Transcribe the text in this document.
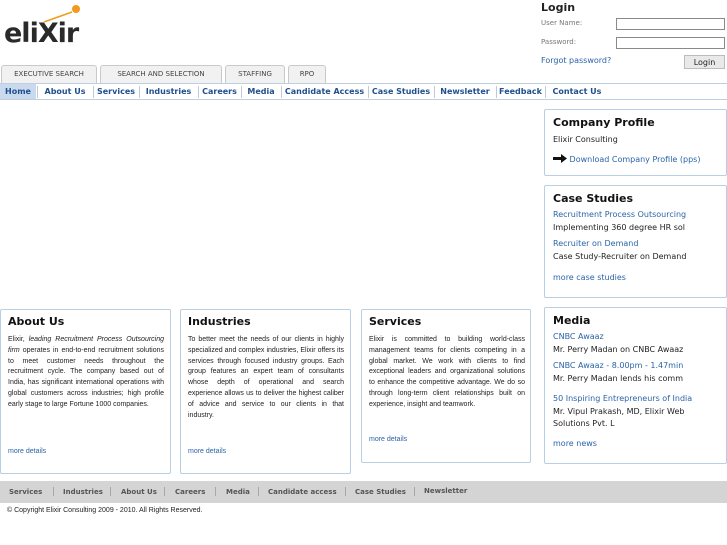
eliXir
Login
User Name:
Password:
Forgot password?	Login
EXECUTIVE SEARCH	SEARCH AND SELECTION	STAFFING	RPO
Home	About Us	Services	Industries	Careers	Media	Candidate Access Case Studies	Newsletter	Feedback	Contact Us
Company Profile
Elixir Consulting
Download Company Profile (pps)
Case Studies
Recruitment Process Outsourcing
Implementing 360 degree HR sol
Recruiter on Demand
Case Study-Recruiter on Demand
more case studies
Media
CNBC Awaaz
Mr. Perry Madan on CNBC Awaaz
CNBC Awaaz - 8.00pm - 1.47min
Mr. Perry Madan lends his comm
50 Inspiring Entrepreneurs of India
Mr. Vipul Prakash, MD, Elixir Web
Solutions Pvt. L
more news
About Us

Elixir, leading Recruitment Process Outsourcing firm operates in end-to-end recruitment solutions to meet customer needs throughout the recruitment cycle. The company based out of India, has significant international operations with global customers across industries; high profile early stage to large Fortune 1000 companies.

more details
Industries

To better meet the needs of our clients in highly specialized and complex industries, Elixir offers its services through focused industry groups. Each group features an expert team of consultants whose depth of operational and search experience allows us to deliver the highest caliber of advice and service to our clients in that industry.

more details
Services

Elixir is committed to building world-class management teams for clients competing in a global market. We work with clients to find exceptional leaders and organizational solutions to enhance the competitive advantage. We do so through long-term client relationships built on experience, insight and teamwork.

more details
Services	Industries	About Us	Careers	Media	Candidate access	Case Studies	Newsletter
© Copyright Elixir Consulting 2009 - 2010. All Rights Reserved.
